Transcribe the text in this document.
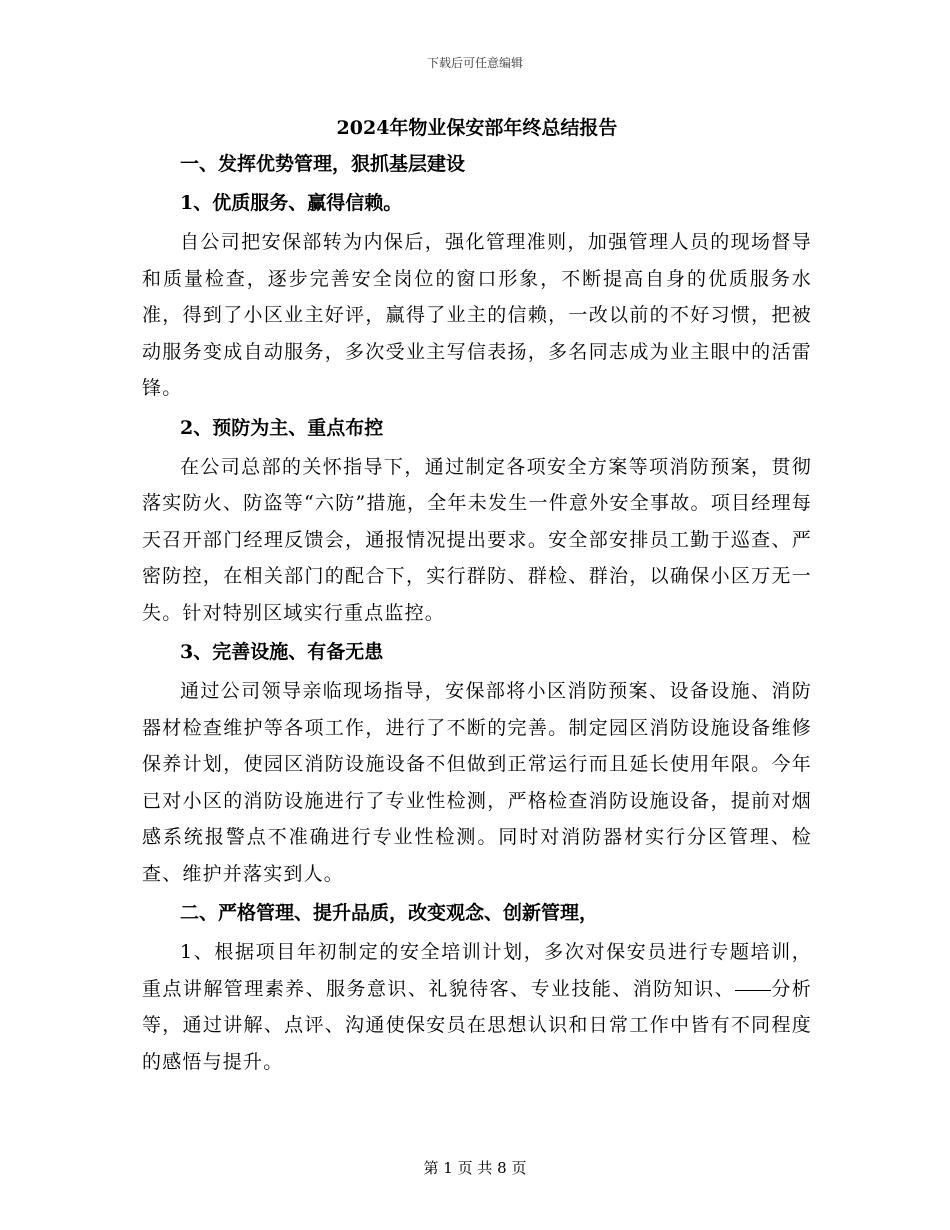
下载后可任意编辑
2024年物业保安部年终总结报告
一、发挥优势管理，狠抓基层建设
1、优质服务、赢得信赖。

自公司把安保部转为内保后，强化管理准则，加强管理人员的现场督导和质量检查，逐步完善安全岗位的窗口形象，不断提高自身的优质服务水准，得到了小区业主好评，赢得了业主的信赖，一改以前的不好习惯，把被动服务变成自动服务，多次受业主写信表扬，多名同志成为业主眼中的活雷锋。

2、预防为主、重点布控

在公司总部的关怀指导下，通过制定各项安全方案等项消防预案，贯彻落实防火、防盗等“六防”措施，全年未发生一件意外安全事故。项目经理每天召开部门经理反馈会，通报情况提出要求。安全部安排员工勤于巡查、严密防控，在相关部门的配合下，实行群防、群检、群治，以确保小区万无一失。针对特别区域实行重点监控。

3、完善设施、有备无患

通过公司领导亲临现场指导，安保部将小区消防预案、设备设施、消防器材检查维护等各项工作，进行了不断的完善。制定园区消防设施设备维修保养计划，使园区消防设施设备不但做到正常运行而且延长使用年限。今年已对小区的消防设施进行了专业性检测，严格检查消防设施设备，提前对烟感系统报警点不准确进行专业性检测。同时对消防器材实行分区管理、检查、维护并落实到人。

二、严格管理、提升品质，改变观念、创新管理，

1、根据项目年初制定的安全培训计划，多次对保安员进行专题培训，重点讲解管理素养、服务意识、礼貌待客、专业技能、消防知识、 分析等，通过讲解、点评、沟通使保安员在思想认识和日常工作中皆有不同程度的感悟与提升。

第 1 页 共 8 页
